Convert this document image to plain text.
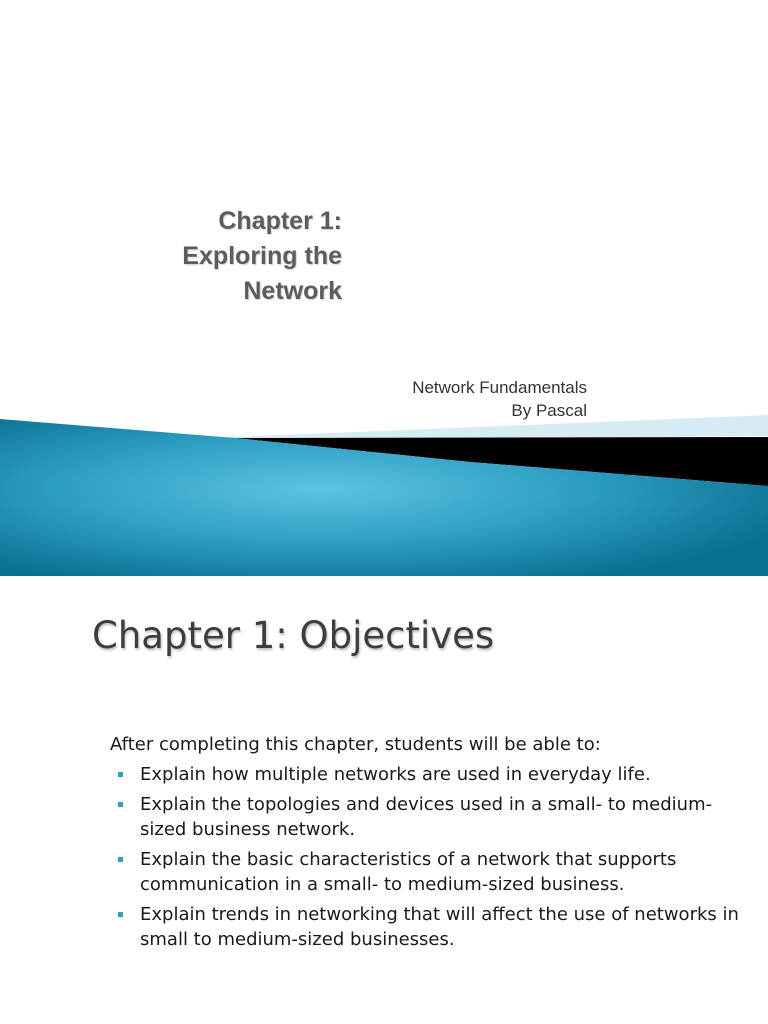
Chapter 1:
Exploring the
Network
Network Fundamentals
By Pascal
Chapter 1: Objectives
After completing this chapter, students will be able to:
Explain how multiple networks are used in everyday life.
Explain the topologies and devices used in a small- to medium-sized business network.
Explain the basic characteristics of a network that supports communication in a small- to medium-sized business.
Explain trends in networking that will affect the use of networks in small to medium-sized businesses.
